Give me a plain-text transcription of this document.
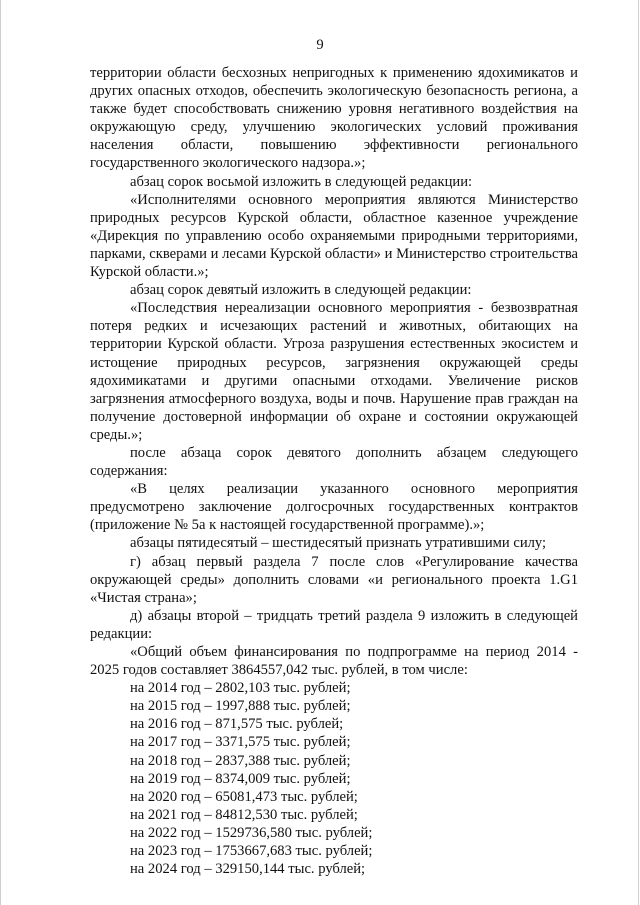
9

территории области бесхозных непригодных к применению ядохимикатов и других опасных отходов, обеспечить экологическую безопасность региона, а также будет способствовать снижению уровня негативного воздействия на окружающую среду, улучшению экологических условий проживания населения области, повышению эффективности регионального государственного экологического надзора.»;

абзац сорок восьмой изложить в следующей редакции:

«Исполнителями основного мероприятия являются Министерство природных ресурсов Курской области, областное казенное учреждение «Дирекция по управлению особо охраняемыми природными территориями, парками, скверами и лесами Курской области» и Министерство строительства Курской области.»;

абзац сорок девятый изложить в следующей редакции:

«Последствия нереализации основного мероприятия - безвозвратная потеря редких и исчезающих растений и животных, обитающих на территории Курской области. Угроза разрушения естественных экосистем и истощение природных ресурсов, загрязнения окружающей среды ядохимикатами и другими опасными отходами. Увеличение рисков загрязнения атмосферного воздуха, воды и почв. Нарушение прав граждан на получение достоверной информации об охране и состоянии окружающей среды.»;

после абзаца сорок девятого дополнить абзацем следующего содержания:

«В целях реализации указанного основного мероприятия предусмотрено заключение долгосрочных государственных контрактов (приложение № 5а к настоящей государственной программе).»;

абзацы пятидесятый – шестидесятый признать утратившими силу;

г) абзац первый раздела 7 после слов «Регулирование качества окружающей среды» дополнить словами «и регионального проекта 1.G1 «Чистая страна»;

д) абзацы второй – тридцать третий раздела 9 изложить в следующей редакции:

«Общий объем финансирования по подпрограмме на период 2014 - 2025 годов составляет 3864557,042 тыс. рублей, в том числе:

на 2014 год – 2802,103 тыс. рублей;

на 2015 год – 1997,888 тыс. рублей;

на 2016 год – 871,575 тыс. рублей;

на 2017 год – 3371,575 тыс. рублей;

на 2018 год – 2837,388 тыс. рублей;

на 2019 год – 8374,009 тыс. рублей;

на 2020 год – 65081,473 тыс. рублей;

на 2021 год – 84812,530 тыс. рублей;

на 2022 год – 1529736,580 тыс. рублей;

на 2023 год – 1753667,683 тыс. рублей;

на 2024 год – 329150,144 тыс. рублей;
